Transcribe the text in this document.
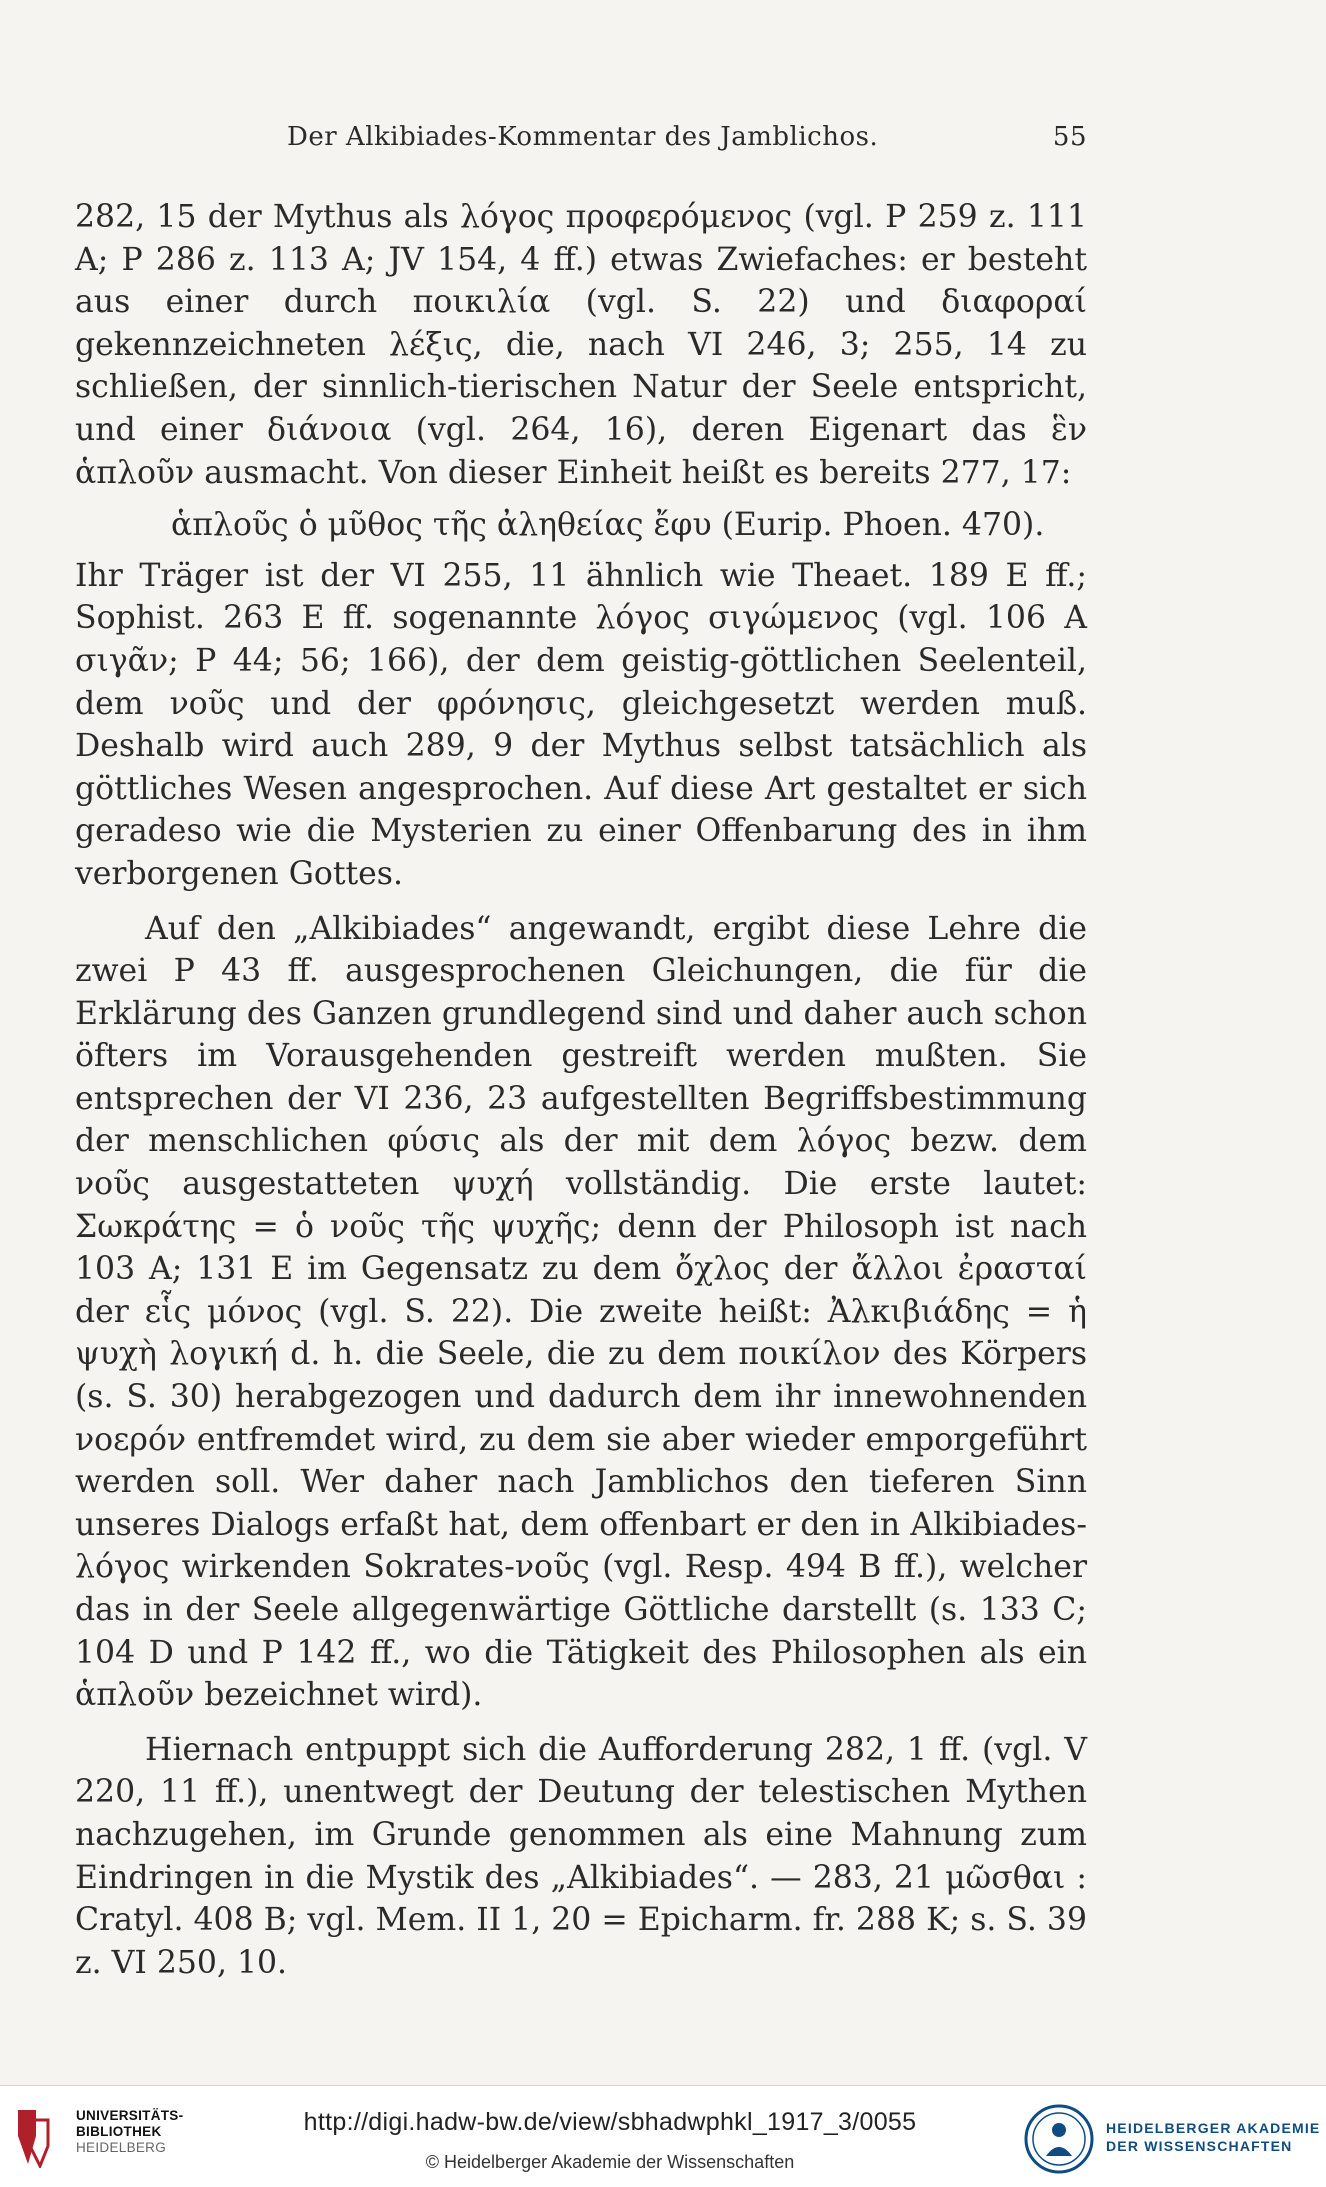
Der Alkibiades-Kommentar des Jamblichos.	55

282, 15 der Mythus als λόγος προφερόμενος (vgl. P 259 z. 111 A; P 286 z. 113 A; JV 154, 4 ff.) etwas Zwiefaches: er besteht aus einer durch ποικιλία (vgl. S. 22) und διαφοραί gekennzeichneten λέξις, die, nach VI 246, 3; 255, 14 zu schließen, der sinnlich-tierischen Natur der Seele entspricht, und einer διάνοια (vgl. 264, 16), deren Eigenart das ἓν ἁπλοῦν ausmacht. Von dieser Einheit heißt es bereits 277, 17:

ἁπλοῦς ὁ μῦθος τῆς ἀληθείας ἔφυ (Eurip. Phoen. 470).

Ihr Träger ist der VI 255, 11 ähnlich wie Theaet. 189 E ff.; Sophist. 263 E ff. sogenannte λόγος σιγώμενος (vgl. 106 A σιγᾶν; P 44; 56; 166), der dem geistig-göttlichen Seelenteil, dem νοῦς und der φρόνησις, gleichgesetzt werden muß. Deshalb wird auch 289, 9 der Mythus selbst tatsächlich als göttliches Wesen angesprochen. Auf diese Art gestaltet er sich geradeso wie die Mysterien zu einer Offenbarung des in ihm verborgenen Gottes.

Auf den „Alkibiades“ angewandt, ergibt diese Lehre die zwei P 43 ff. ausgesprochenen Gleichungen, die für die Erklärung des Ganzen grundlegend sind und daher auch schon öfters im Vorausgehenden gestreift werden mußten. Sie entsprechen der VI 236, 23 aufgestellten Begriffsbestimmung der menschlichen φύσις als der mit dem λόγος bezw. dem νοῦς ausgestatteten ψυχή vollständig. Die erste lautet: Σωκράτης = ὁ νοῦς τῆς ψυχῆς; denn der Philosoph ist nach 103 A; 131 E im Gegensatz zu dem ὄχλος der ἄλλοι ἐρασταί der εἷς μόνος (vgl. S. 22). Die zweite heißt: Ἀλκιβιάδης = ἡ ψυχὴ λογική d. h. die Seele, die zu dem ποικίλον des Körpers (s. S. 30) herabgezogen und dadurch dem ihr innewohnenden νοερόν entfremdet wird, zu dem sie aber wieder emporgeführt werden soll. Wer daher nach Jamblichos den tieferen Sinn unseres Dialogs erfaßt hat, dem offenbart er den in Alkibiades-λόγος wirkenden Sokrates-νοῦς (vgl. Resp. 494 B ff.), welcher das in der Seele allgegenwärtige Göttliche darstellt (s. 133 C; 104 D und P 142 ff., wo die Tätigkeit des Philosophen als ein ἁπλοῦν bezeichnet wird).

Hiernach entpuppt sich die Aufforderung 282, 1 ff. (vgl. V 220, 11 ff.), unentwegt der Deutung der telestischen Mythen nachzugehen, im Grunde genommen als eine Mahnung zum Eindringen in die Mystik des „Alkibiades“. — 283, 21 μῶσθαι : Cratyl. 408 B; vgl. Mem. II 1, 20 = Epicharm. fr. 288 K; s. S. 39 z. VI 250, 10.

UNIVERSITÄTS-
BIBLIOTHEK
HEIDELBERG
http://digi.hadw-bw.de/view/sbhadwphkl_1917_3/0055
© Heidelberger Akademie der Wissenschaften
HEIDELBERGER AKADEMIE
DER WISSENSCHAFTEN
